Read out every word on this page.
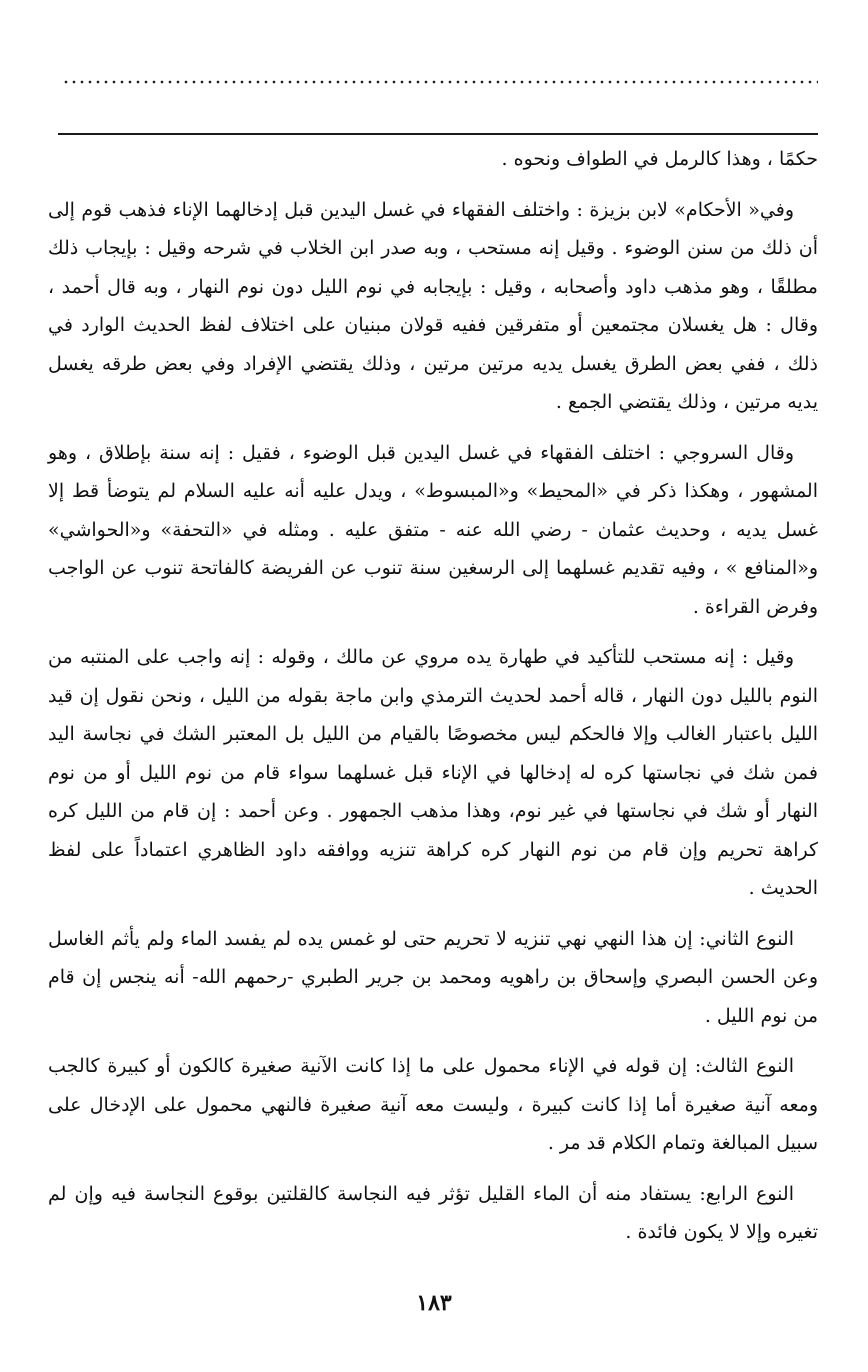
حكمًا ، وهذا كالرمل في الطواف ونحوه .

وفي« الأحكام» لابن بزيزة : واختلف الفقهاء في غسل اليدين قبل إدخالهما الإناء فذهب قوم إلى أن ذلك من سنن الوضوء . وقيل إنه مستحب ، وبه صدر ابن الخلاب في شرحه وقيل : بإيجاب ذلك مطلقًا ، وهو مذهب داود وأصحابه ، وقيل : بإيجابه في نوم الليل دون نوم النهار ، وبه قال أحمد ، وقال : هل يغسلان مجتمعين أو متفرقين ففيه قولان مبنيان على اختلاف لفظ الحديث الوارد في ذلك ، ففي بعض الطرق يغسل يديه مرتين مرتين ، وذلك يقتضي الإفراد وفي بعض طرقه يغسل يديه مرتين ، وذلك يقتضي الجمع .

وقال السروجي : اختلف الفقهاء في غسل اليدين قبل الوضوء ، فقيل : إنه سنة بإطلاق ، وهو المشهور ، وهكذا ذكر في «المحيط» و«المبسوط» ، ويدل عليه أنه عليه السلام لم يتوضأ قط إلا غسل يديه ، وحديث عثمان - رضي الله عنه - متفق عليه . ومثله في «التحفة» و«الحواشي» و«المنافع » ، وفيه تقديم غسلهما إلى الرسغين سنة تنوب عن الفريضة كالفاتحة تنوب عن الواجب وفرض القراءة .

وقيل : إنه مستحب للتأكيد في طهارة يده مروي عن مالك ، وقوله : إنه واجب على المنتبه من النوم بالليل دون النهار ، قاله أحمد لحديث الترمذي وابن ماجة بقوله من الليل ، ونحن نقول إن قيد الليل باعتبار الغالب وإلا فالحكم ليس مخصوصًا بالقيام من الليل بل المعتبر الشك في نجاسة اليد فمن شك في نجاستها كره له إدخالها في الإناء قبل غسلهما سواء قام من نوم الليل أو من نوم النهار أو شك في نجاستها في غير نوم، وهذا مذهب الجمهور . وعن أحمد : إن قام من الليل كره كراهة تحريم وإن قام من نوم النهار كره كراهة تنزيه ووافقه داود الظاهري اعتماداً على لفظ الحديث .

النوع الثاني: إن هذا النهي نهي تنزيه لا تحريم حتى لو غمس يده لم يفسد الماء ولم يأثم الغاسل وعن الحسن البصري وإسحاق بن راهويه ومحمد بن جرير الطبري -رحمهم الله- أنه ينجس إن قام من نوم الليل .

النوع الثالث: إن قوله في الإناء محمول على ما إذا كانت الآنية صغيرة كالكون أو كبيرة كالجب ومعه آنية صغيرة أما إذا كانت كبيرة ، وليست معه آنية صغيرة فالنهي محمول على الإدخال على سبيل المبالغة وتمام الكلام قد مر .

النوع الرابع: يستفاد منه أن الماء القليل تؤثر فيه النجاسة كالقلتين بوقوع النجاسة فيه وإن لم تغيره وإلا لا يكون فائدة .

١٨٣
